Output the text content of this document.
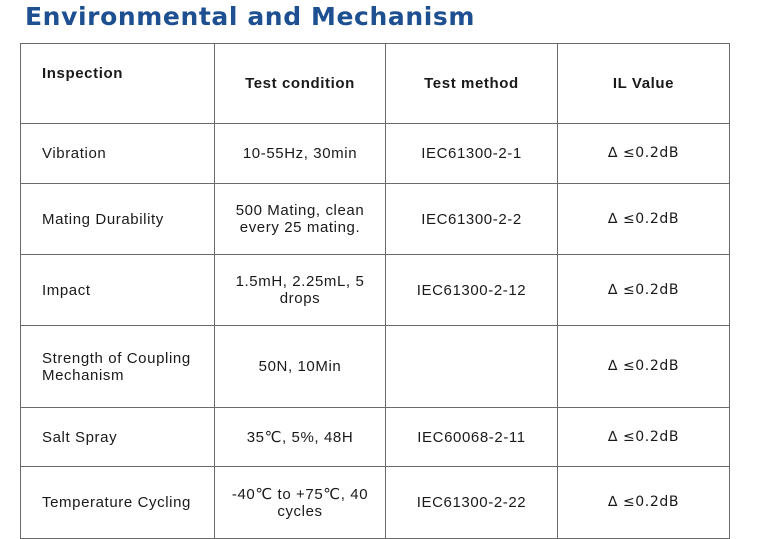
Environmental and Mechanism
Inspection	Test condition	Test method	IL Value
Vibration	10-55Hz, 30min	IEC61300-2-1	∆ ≤0.2dB
Mating Durability	500 Mating, clean every 25 mating.	IEC61300-2-2	∆ ≤0.2dB
Impact	1.5mH, 2.25mL, 5 drops	IEC61300-2-12	∆ ≤0.2dB
Strength of Coupling Mechanism	50N, 10Min		∆ ≤0.2dB
Salt Spray	35℃, 5%, 48H	IEC60068-2-11	∆ ≤0.2dB
Temperature Cycling	-40℃ to +75℃, 40 cycles	IEC61300-2-22	∆ ≤0.2dB
